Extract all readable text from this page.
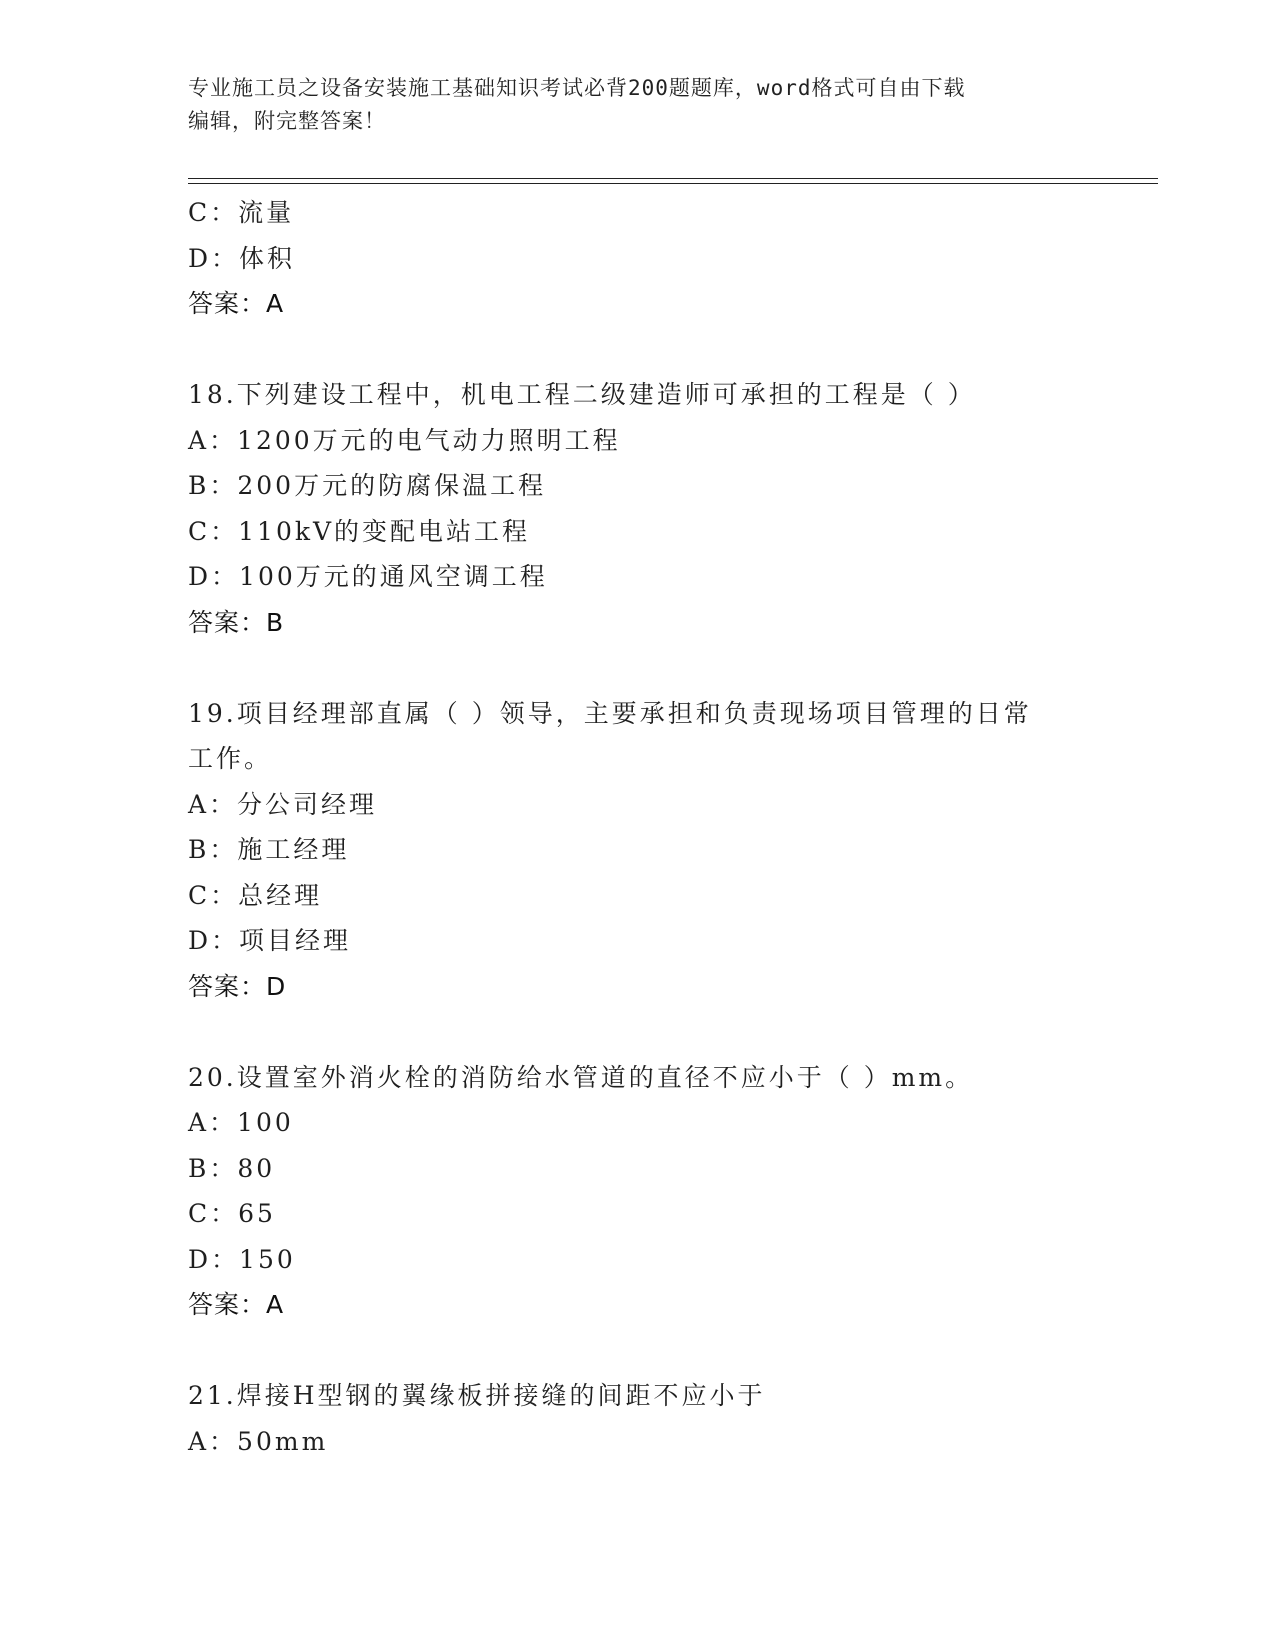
专业施工员之设备安装施工基础知识考试必背200题题库，word格式可自由下载
编辑，附完整答案！
C：流量
D：体积
答案：A
18.下列建设工程中，机电工程二级建造师可承担的工程是（ ）
A：1200万元的电气动力照明工程
B：200万元的防腐保温工程
C：110kV的变配电站工程
D：100万元的通风空调工程
答案：B
19.项目经理部直属（ ）领导，主要承担和负责现场项目管理的日常
工作。
A：分公司经理
B：施工经理
C：总经理
D：项目经理
答案：D
20.设置室外消火栓的消防给水管道的直径不应小于（ ）mm。
A：100
B：80
C：65
D：150
答案：A
21.焊接H型钢的翼缘板拼接缝的间距不应小于
A：50mm
